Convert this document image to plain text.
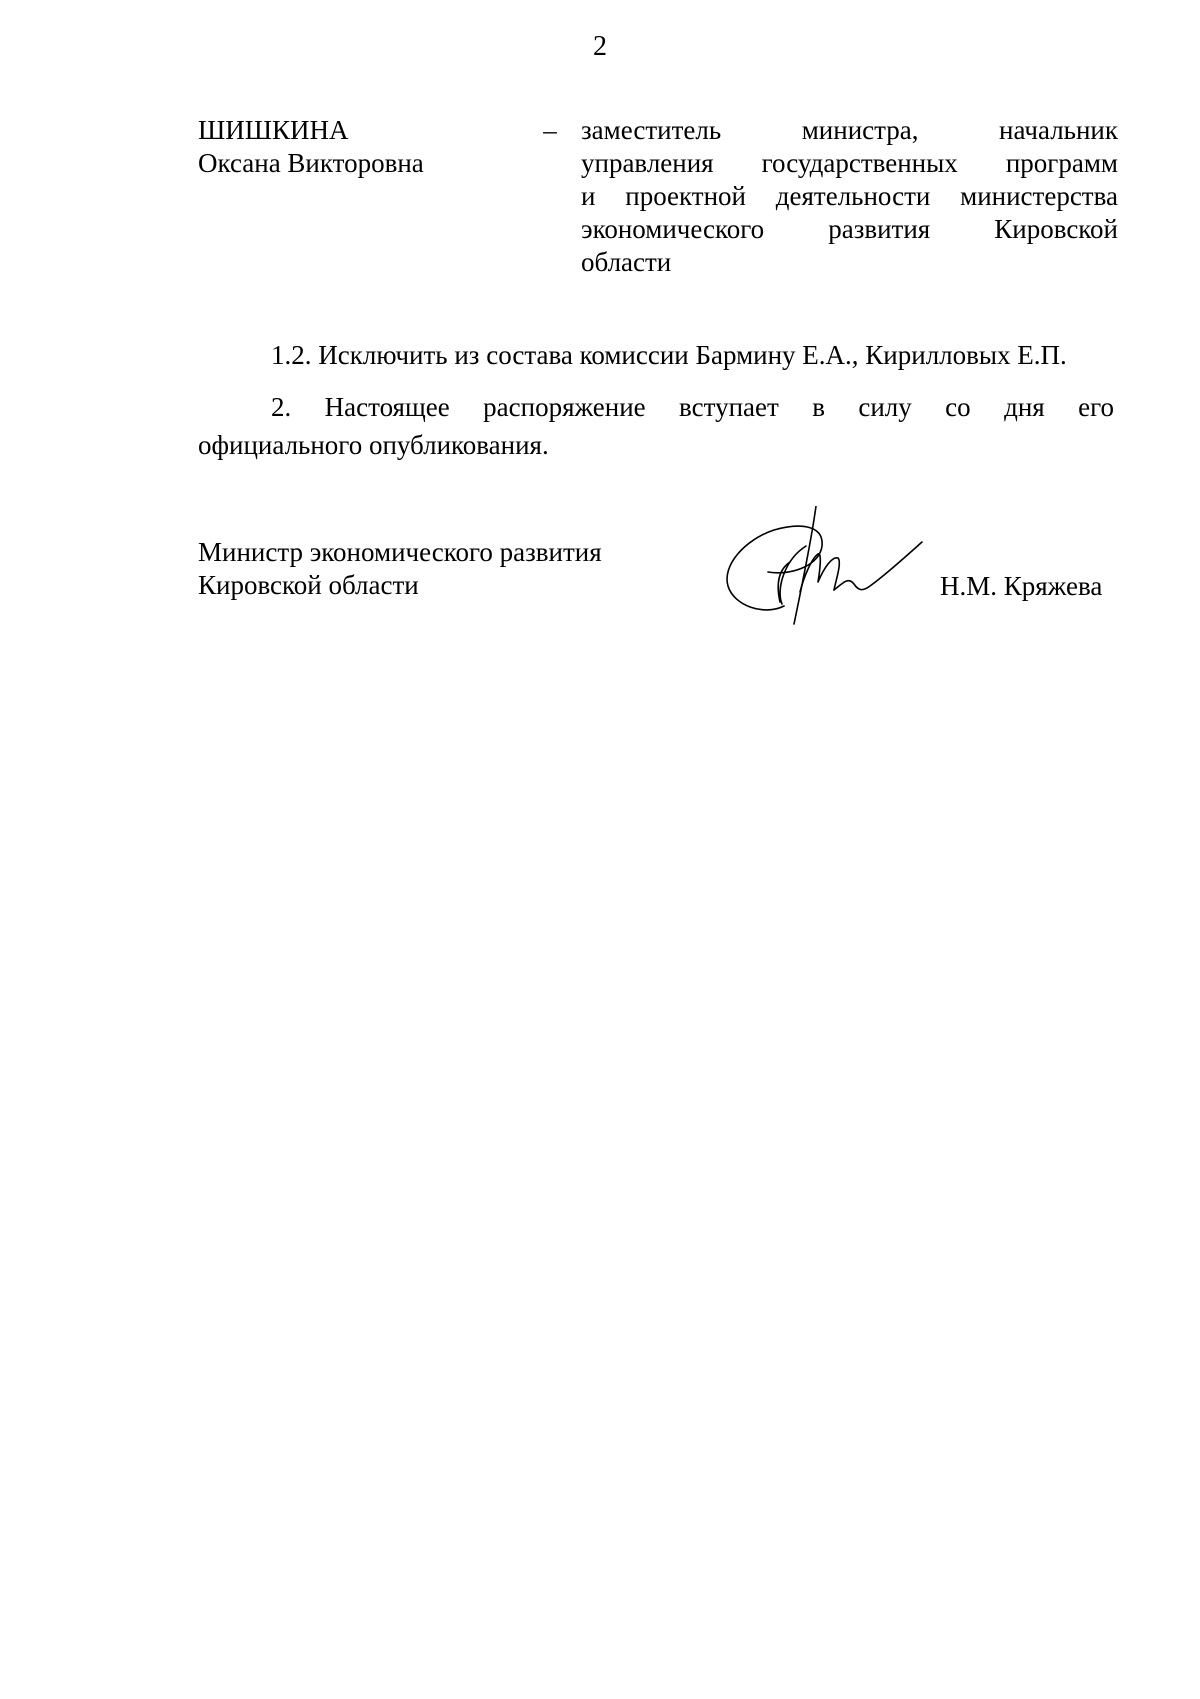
2
ШИШКИНА
Оксана Викторовна
– заместитель министра, начальник
управления государственных программ
и проектной деятельности министерства
экономического развития Кировской
области
1.2. Исключить из состава комиссии Бармину Е.А., Кирилловых Е.П.
2. Настоящее распоряжение вступает в силу со дня его
официального опубликования.
Министр экономического развития
Кировской области	Н.М. Кряжева
